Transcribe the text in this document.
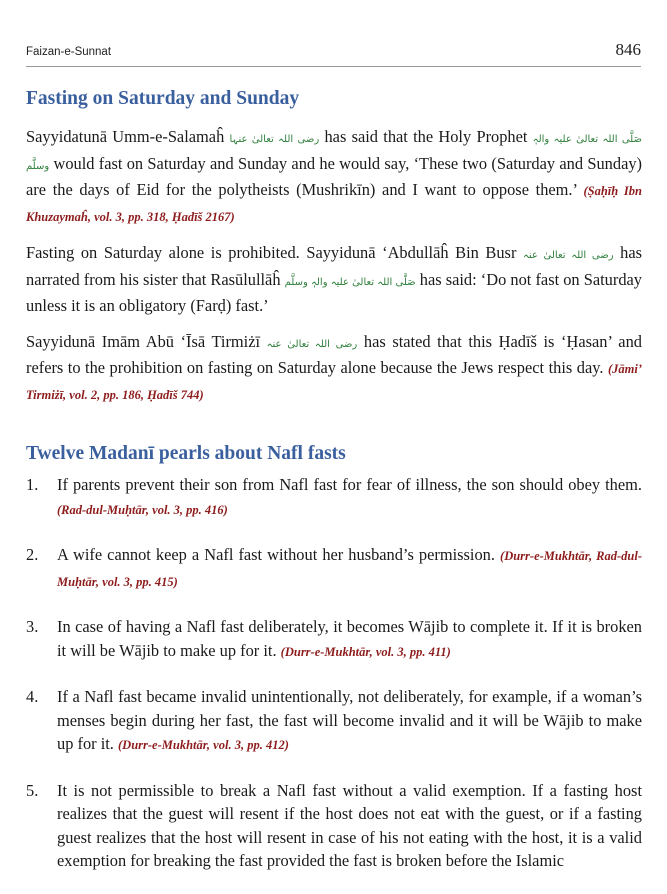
Faizan-e-Sunnat	846
Fasting on Saturday and Sunday

Sayyidatunā Umm-e-Salamaĥ رضی اللہ تعالیٰ عنہا has said that the Holy Prophet صَلَّی اللہ تعالیٰ علیہ والہٖ وسلَّم would fast on Saturday and Sunday and he would say, ‘These two (Saturday and Sunday) are the days of Eid for the polytheists (Mushrikīn) and I want to oppose them.’ (Ṣaḥīḥ Ibn Khuzaymaĥ, vol. 3, pp. 318, Ḥadīš 2167)

Fasting on Saturday alone is prohibited. Sayyidunā ‘Abdullāĥ Bin Busr رضی اللہ تعالیٰ عنہ has narrated from his sister that Rasūlullāĥ صَلَّی اللہ تعالیٰ علیہ والہٖ وسلَّم has said: ‘Do not fast on Saturday unless it is an obligatory (Farḍ) fast.’

Sayyidunā Imām Abū ‘Īsā Tirmiżī رضی اللہ تعالیٰ عنہ has stated that this Ḥadīš is ‘Ḥasan’ and refers to the prohibition on fasting on Saturday alone because the Jews respect this day. (Jāmi’ Tirmiżī, vol. 2, pp. 186, Ḥadīš 744)

Twelve Madanī pearls about Nafl fasts
1. If parents prevent their son from Nafl fast for fear of illness, the son should obey them. (Rad-dul-Muḥtār, vol. 3, pp. 416)
2. A wife cannot keep a Nafl fast without her husband’s permission. (Durr-e-Mukhtār, Rad-dul-Muḥtār, vol. 3, pp. 415)
3. In case of having a Nafl fast deliberately, it becomes Wājib to complete it. If it is broken it will be Wājib to make up for it. (Durr-e-Mukhtār, vol. 3, pp. 411)
4. If a Nafl fast became invalid unintentionally, not deliberately, for example, if a woman’s menses begin during her fast, the fast will become invalid and it will be Wājib to make up for it. (Durr-e-Mukhtār, vol. 3, pp. 412)
5. It is not permissible to break a Nafl fast without a valid exemption. If a fasting host realizes that the guest will resent if the host does not eat with the guest, or if a fasting guest realizes that the host will resent in case of his not eating with the host, it is a valid exemption for breaking the fast provided the fast is broken before the Islamic
